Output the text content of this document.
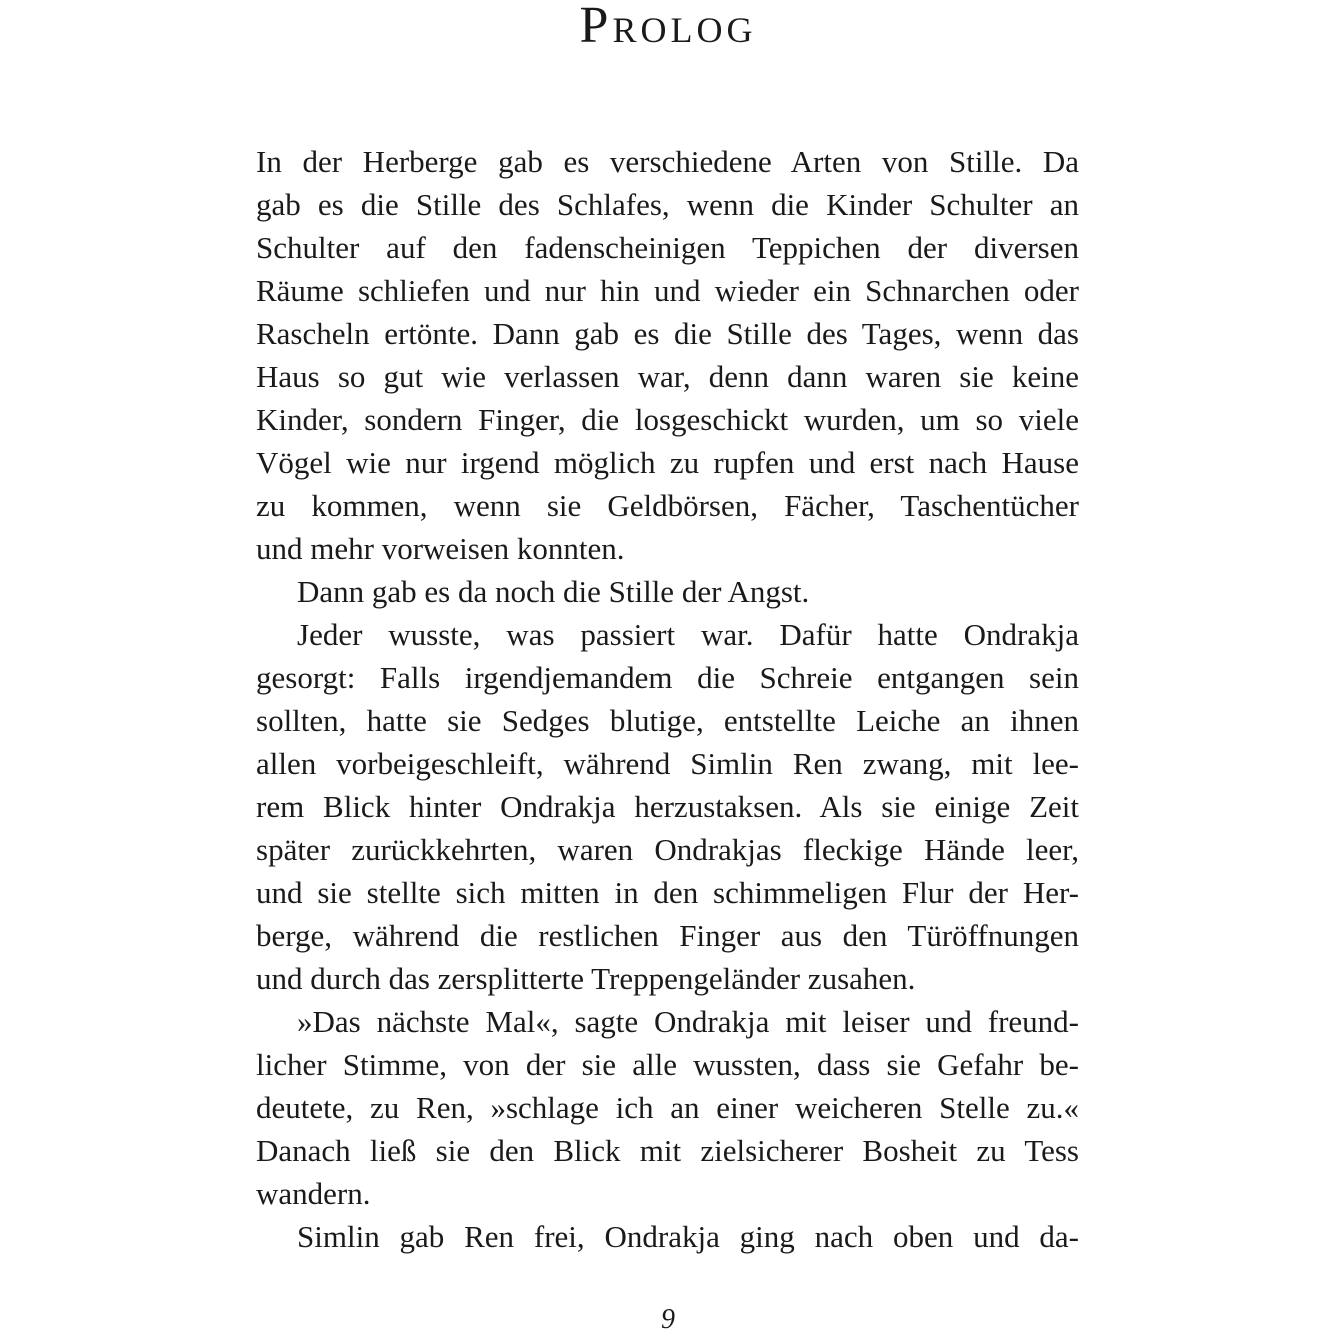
Prolog
In der Herberge gab es verschiedene Arten von Stille. Da
gab es die Stille des Schlafes, wenn die Kinder Schulter an
Schulter auf den fadenscheinigen Teppichen der diversen
Räume schliefen und nur hin und wieder ein Schnarchen oder
Rascheln ertönte. Dann gab es die Stille des Tages, wenn das
Haus so gut wie verlassen war, denn dann waren sie keine
Kinder, sondern Finger, die losgeschickt wurden, um so viele
Vögel wie nur irgend möglich zu rupfen und erst nach Hause
zu kommen, wenn sie Geldbörsen, Fächer, Taschentücher
und mehr vorweisen konnten.
Dann gab es da noch die Stille der Angst.
Jeder wusste, was passiert war. Dafür hatte Ondrakja
gesorgt: Falls irgendjemandem die Schreie entgangen sein
sollten, hatte sie Sedges blutige, entstellte Leiche an ihnen
allen vorbeigeschleift, während Simlin Ren zwang, mit lee-
rem Blick hinter Ondrakja herzustaksen. Als sie einige Zeit
später zurückkehrten, waren Ondrakjas fleckige Hände leer,
und sie stellte sich mitten in den schimmeligen Flur der Her-
berge, während die restlichen Finger aus den Türöffnungen
und durch das zersplitterte Treppengeländer zusahen.
»Das nächste Mal«, sagte Ondrakja mit leiser und freund-
licher Stimme, von der sie alle wussten, dass sie Gefahr be-
deutete, zu Ren, »schlage ich an einer weicheren Stelle zu.«
Danach ließ sie den Blick mit zielsicherer Bosheit zu Tess
wandern.
Simlin gab Ren frei, Ondrakja ging nach oben und da-
9
